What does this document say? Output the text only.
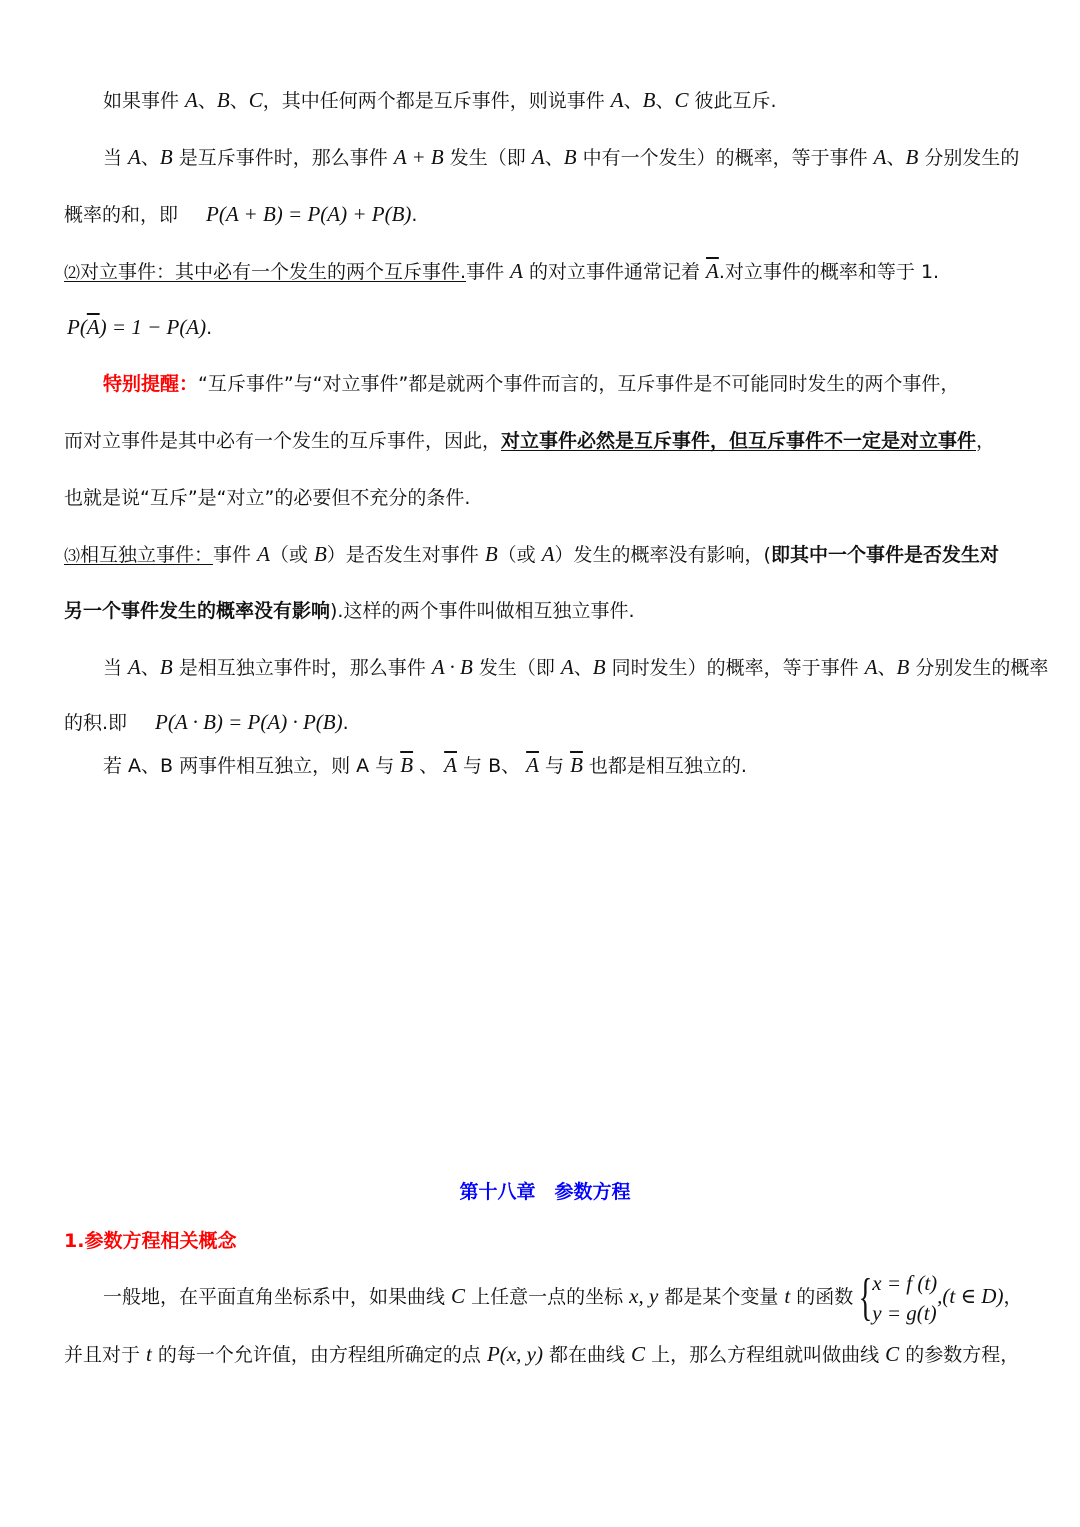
如果事件 A、B、C，其中任何两个都是互斥事件，则说事件 A、B、C 彼此互斥.
当 A、B 是互斥事件时，那么事件 A + B 发生（即 A、B 中有一个发生）的概率，等于事件 A、B 分别发生的
概率的和，即 P(A + B) = P(A) + P(B).
⑵对立事件：其中必有一个发生的两个互斥事件.事件 A 的对立事件通常记着 $\overline{A}$.对立事件的概率和等于 1.
$P(\overline{A}) = 1 - P(A)$.
特别提醒：“互斥事件”与“对立事件”都是就两个事件而言的，互斥事件是不可能同时发生的两个事件，
而对立事件是其中必有一个发生的互斥事件，因此，对立事件必然是互斥事件，但互斥事件不一定是对立事件，
也就是说“互斥”是“对立”的必要但不充分的条件.
⑶相互独立事件：事件 A（或 B）是否发生对事件 B（或 A）发生的概率没有影响，(即其中一个事件是否发生对
另一个事件发生的概率没有影响).这样的两个事件叫做相互独立事件.
当 A、B 是相互独立事件时，那么事件 A · B 发生（即 A、B 同时发生）的概率，等于事件 A、B 分别发生的概率
的积.即 P(A · B) = P(A) · P(B).
若 A、B 两事件相互独立，则 A 与 $\overline{B}$ 、 $\overline{A}$ 与 B、 $\overline{A}$ 与 $\overline{B}$ 也都是相互独立的.
第十八章　参数方程
1.参数方程相关概念
一般地，在平面直角坐标系中，如果曲线 C 上任意一点的坐标 x, y 都是某个变量 t 的函数 { x = f (t)
y = g(t)
,(t ∈ D)，
并且对于 t 的每一个允许值，由方程组所确定的点 P(x, y) 都在曲线 C 上，那么方程组就叫做曲线 C 的参数方程，
